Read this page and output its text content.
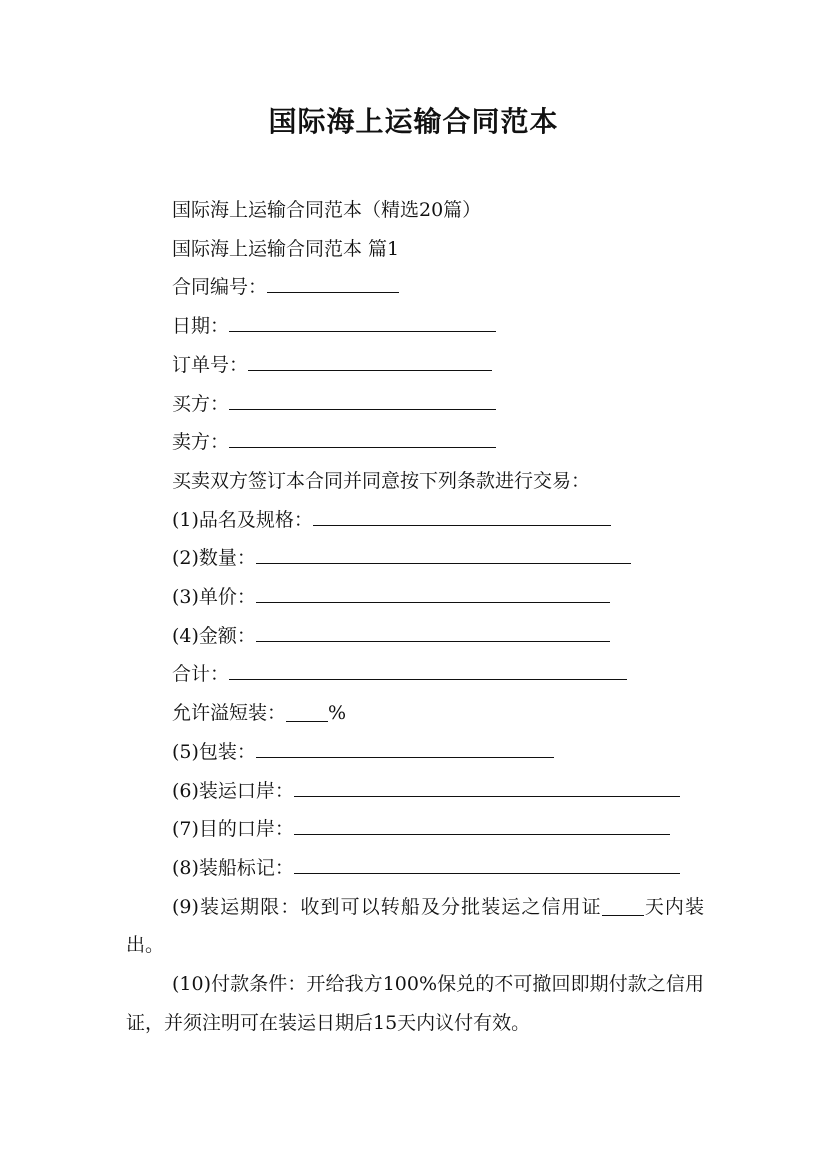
国际海上运输合同范本
国际海上运输合同范本（精选20篇）
国际海上运输合同范本 篇1
合同编号：
日期：
订单号：
买方：
卖方：
买卖双方签订本合同并同意按下列条款进行交易：
(1)品名及规格：
(2)数量：
(3)单价：
(4)金额：
合计：
允许溢短装： %
(5)包装：
(6)装运口岸：
(7)目的口岸：
(8)装船标记：
(9)装运期限：收到可以转船及分批装运之信用证 天内装出。
(10)付款条件：开给我方100%保兑的不可撤回即期付款之信用证，并须注明可在装运日期后15天内议付有效。
